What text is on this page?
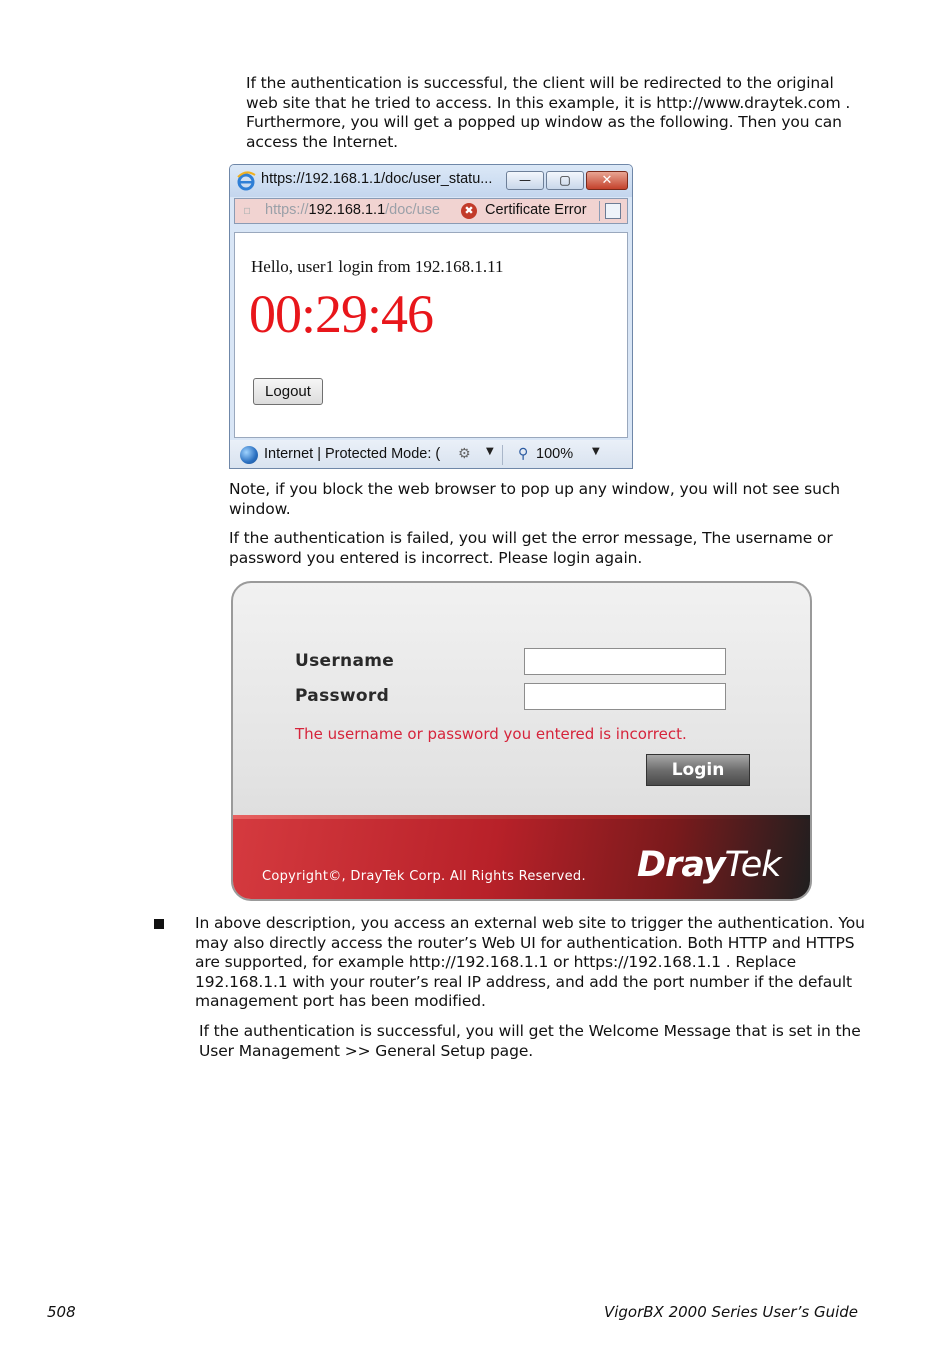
If the authentication is successful, the client will be redirected to the original
web site that he tried to access. In this example, it is http://www.draytek.com .
Furthermore, you will get a popped up window as the following. Then you can
access the Internet.
https://192.168.1.1/doc/user_statu...	—	▢	✕
▫ https://192.168.1.1/doc/use	✖ Certificate Error
Hello, user1 login from 192.168.1.11
00:29:46
Logout
Internet | Protected Mode: ( ⚙ ▼ ⚲ 100% ▼
Note, if you block the web browser to pop up any window, you will not see such
window.
If the authentication is failed, you will get the error message, The username or
password you entered is incorrect. Please login again.
Username
Password
The username or password you entered is incorrect.
Login
Copyright©, DrayTek Corp. All Rights Reserved. DrayTek
In above description, you access an external web site to trigger the authentication. You
may also directly access the router’s Web UI for authentication. Both HTTP and HTTPS
are supported, for example http://192.168.1.1 or https://192.168.1.1 . Replace
192.168.1.1 with your router’s real IP address, and add the port number if the default
management port has been modified.
If the authentication is successful, you will get the Welcome Message that is set in the
User Management >> General Setup page.
508	VigorBX 2000 Series User’s Guide
